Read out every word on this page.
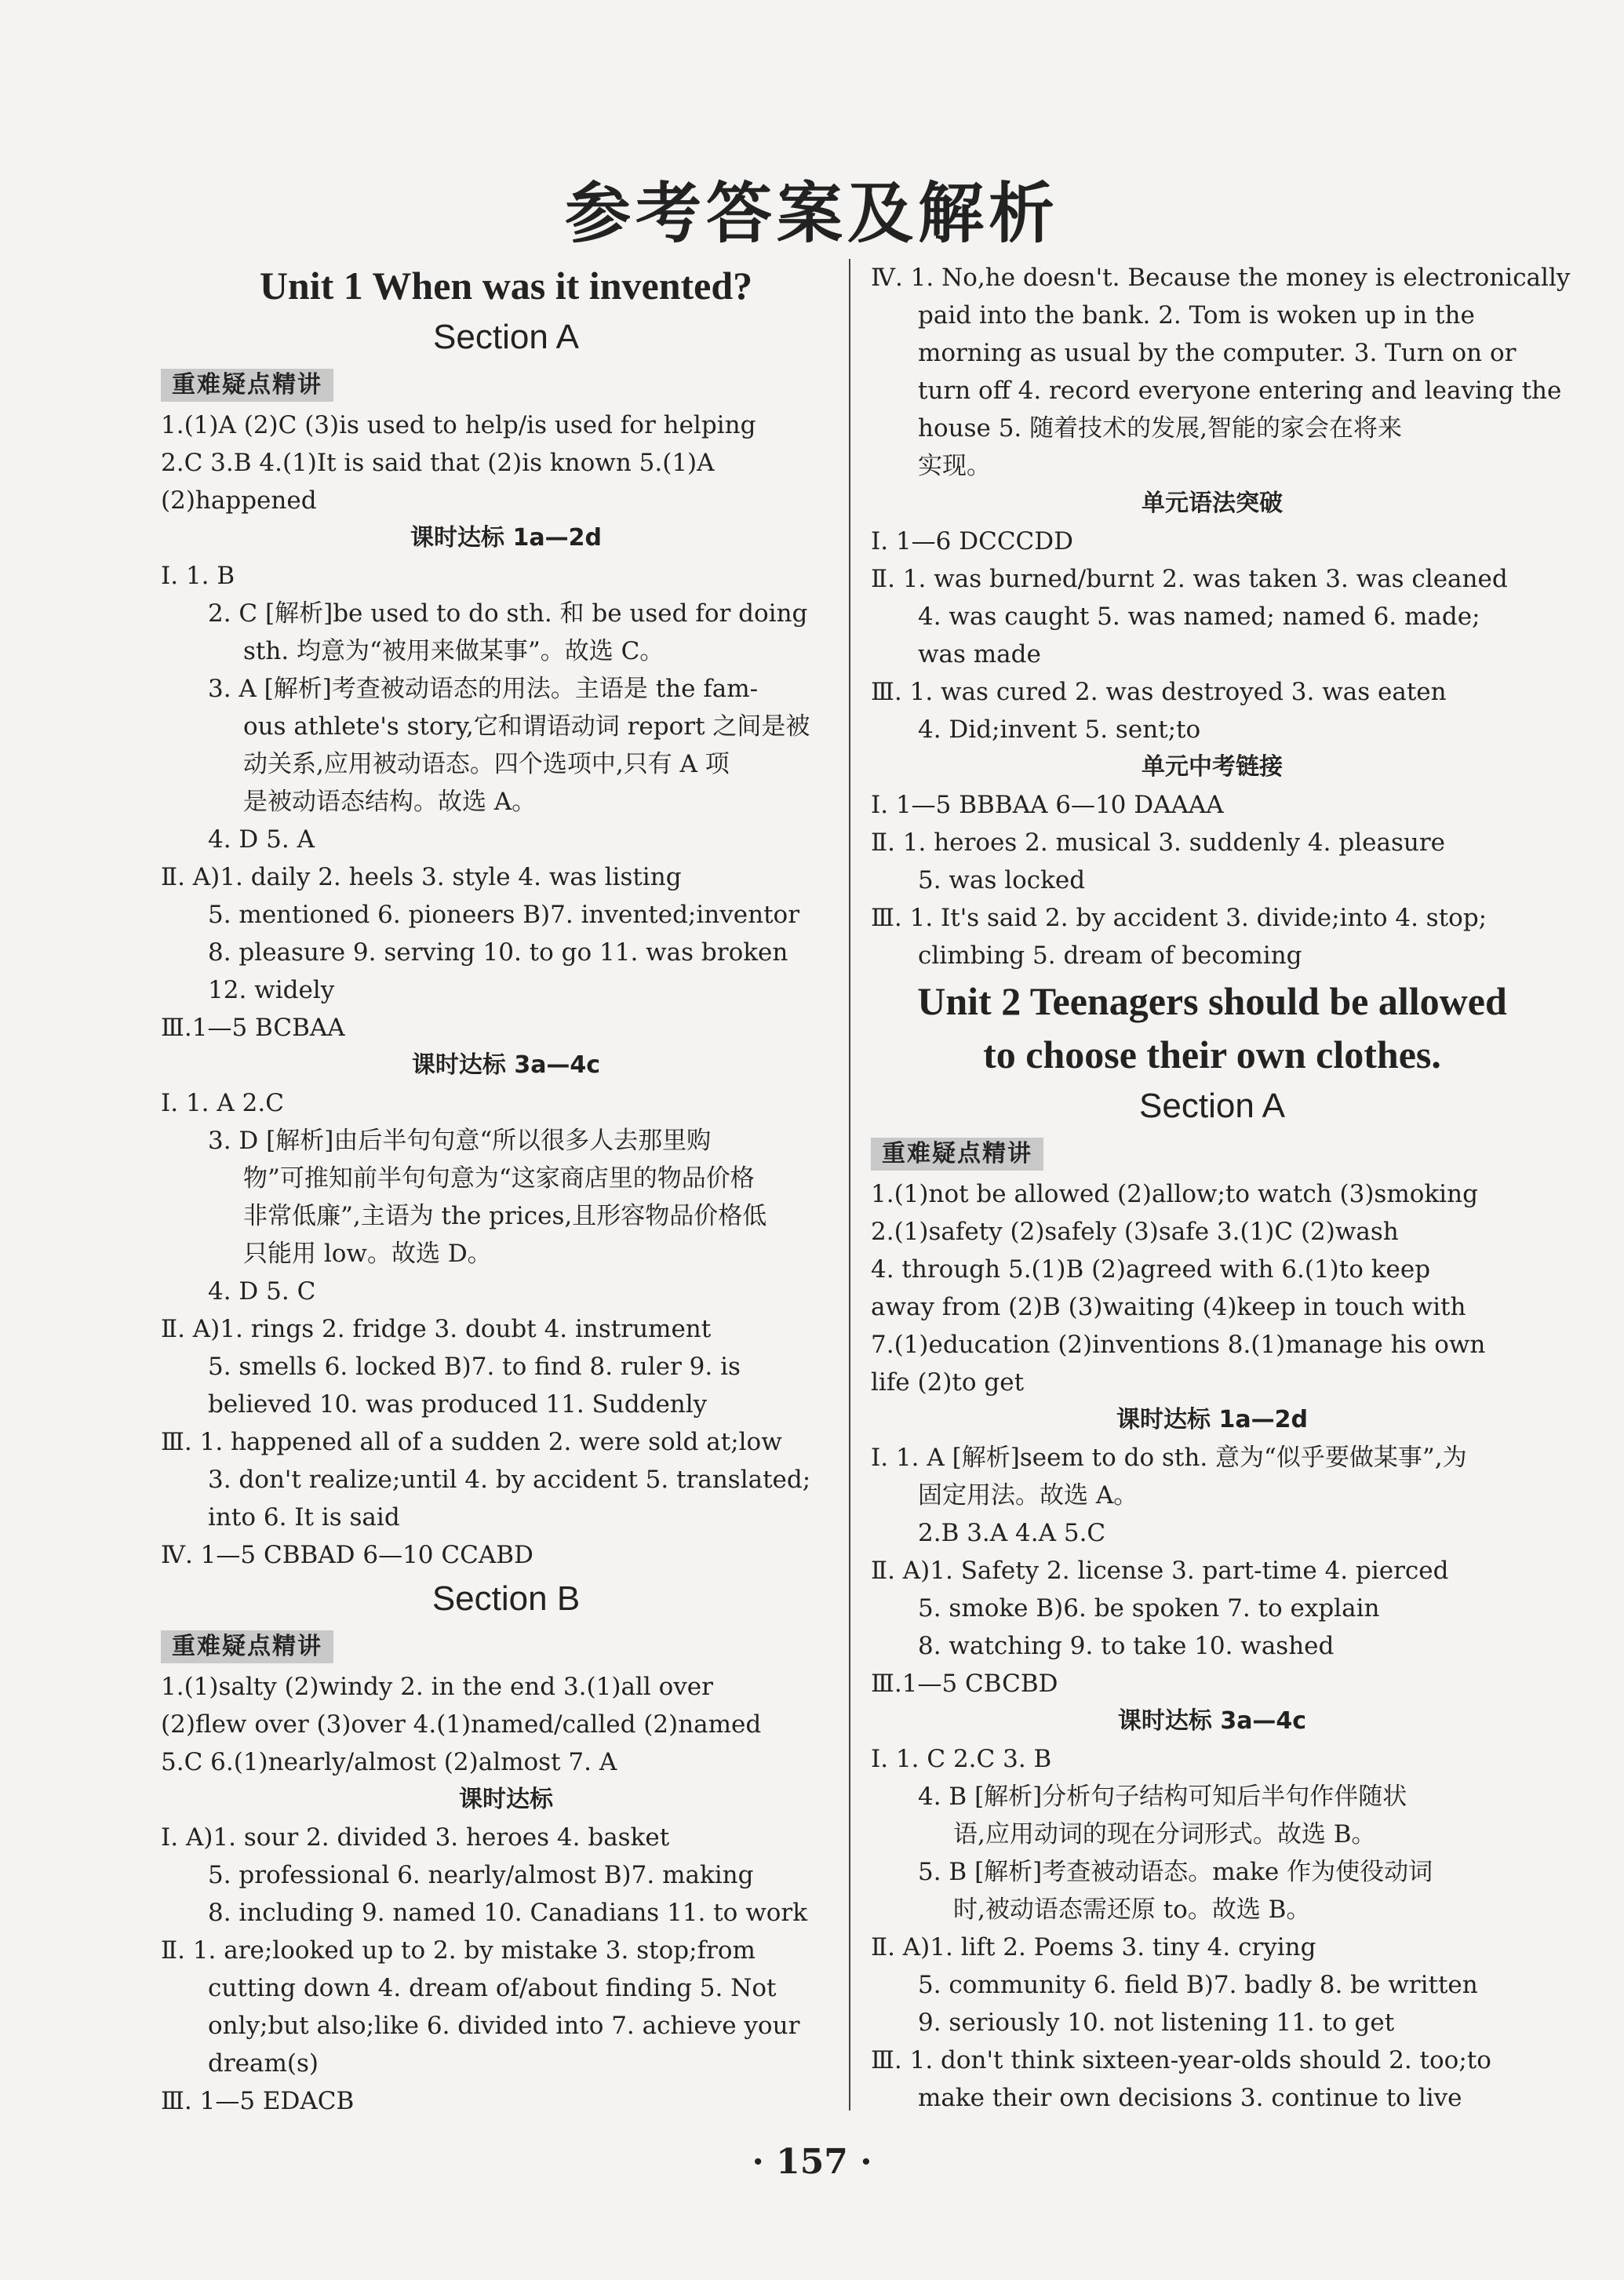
参考答案及解析
Unit 1 When was it invented?
Section A
重难疑点精讲
1.(1)A (2)C (3)is used to help/is used for helping
2.C 3.B 4.(1)It is said that (2)is known 5.(1)A
(2)happened
课时达标 1a—2d
Ⅰ. 1. B
2. C [解析]be used to do sth. 和 be used for doing
sth. 均意为“被用来做某事”。故选 C。
3. A [解析]考查被动语态的用法。主语是 the fam-
ous athlete's story,它和谓语动词 report 之间是被
动关系,应用被动语态。四个选项中,只有 A 项
是被动语态结构。故选 A。
4. D 5. A
Ⅱ. A)1. daily 2. heels 3. style 4. was listing
5. mentioned 6. pioneers B)7. invented;inventor
8. pleasure 9. serving 10. to go 11. was broken
12. widely
Ⅲ.1—5 BCBAA
课时达标 3a—4c
Ⅰ. 1. A 2.C
3. D [解析]由后半句句意“所以很多人去那里购
物”可推知前半句句意为“这家商店里的物品价格
非常低廉”,主语为 the prices,且形容物品价格低
只能用 low。故选 D。
4. D 5. C
Ⅱ. A)1. rings 2. fridge 3. doubt 4. instrument
5. smells 6. locked B)7. to find 8. ruler 9. is
believed 10. was produced 11. Suddenly
Ⅲ. 1. happened all of a sudden 2. were sold at;low
3. don't realize;until 4. by accident 5. translated;
into 6. It is said
Ⅳ. 1—5 CBBAD 6—10 CCABD
Section B
重难疑点精讲
1.(1)salty (2)windy 2. in the end 3.(1)all over
(2)flew over (3)over 4.(1)named/called (2)named
5.C 6.(1)nearly/almost (2)almost 7. A
课时达标
Ⅰ. A)1. sour 2. divided 3. heroes 4. basket
5. professional 6. nearly/almost B)7. making
8. including 9. named 10. Canadians 11. to work
Ⅱ. 1. are;looked up to 2. by mistake 3. stop;from
cutting down 4. dream of/about finding 5. Not
only;but also;like 6. divided into 7. achieve your
dream(s)
Ⅲ. 1—5 EDACB
Ⅳ. 1. No,he doesn't. Because the money is electronically
paid into the bank. 2. Tom is woken up in the
morning as usual by the computer. 3. Turn on or
turn off 4. record everyone entering and leaving the
house 5. 随着技术的发展,智能的家会在将来
实现。
单元语法突破
Ⅰ. 1—6 DCCCDD
Ⅱ. 1. was burned/burnt 2. was taken 3. was cleaned
4. was caught 5. was named; named 6. made;
was made
Ⅲ. 1. was cured 2. was destroyed 3. was eaten
4. Did;invent 5. sent;to
单元中考链接
Ⅰ. 1—5 BBBAA 6—10 DAAAA
Ⅱ. 1. heroes 2. musical 3. suddenly 4. pleasure
5. was locked
Ⅲ. 1. It's said 2. by accident 3. divide;into 4. stop;
climbing 5. dream of becoming
Unit 2 Teenagers should be allowed
to choose their own clothes.
Section A
重难疑点精讲
1.(1)not be allowed (2)allow;to watch (3)smoking
2.(1)safety (2)safely (3)safe 3.(1)C (2)wash
4. through 5.(1)B (2)agreed with 6.(1)to keep
away from (2)B (3)waiting (4)keep in touch with
7.(1)education (2)inventions 8.(1)manage his own
life (2)to get
课时达标 1a—2d
Ⅰ. 1. A [解析]seem to do sth. 意为“似乎要做某事”,为
固定用法。故选 A。
2.B 3.A 4.A 5.C
Ⅱ. A)1. Safety 2. license 3. part-time 4. pierced
5. smoke B)6. be spoken 7. to explain
8. watching 9. to take 10. washed
Ⅲ.1—5 CBCBD
课时达标 3a—4c
Ⅰ. 1. C 2.C 3. B
4. B [解析]分析句子结构可知后半句作伴随状
语,应用动词的现在分词形式。故选 B。
5. B [解析]考查被动语态。make 作为使役动词
时,被动语态需还原 to。故选 B。
Ⅱ. A)1. lift 2. Poems 3. tiny 4. crying
5. community 6. field B)7. badly 8. be written
9. seriously 10. not listening 11. to get
Ⅲ. 1. don't think sixteen-year-olds should 2. too;to
make their own decisions 3. continue to live
· 157 ·
